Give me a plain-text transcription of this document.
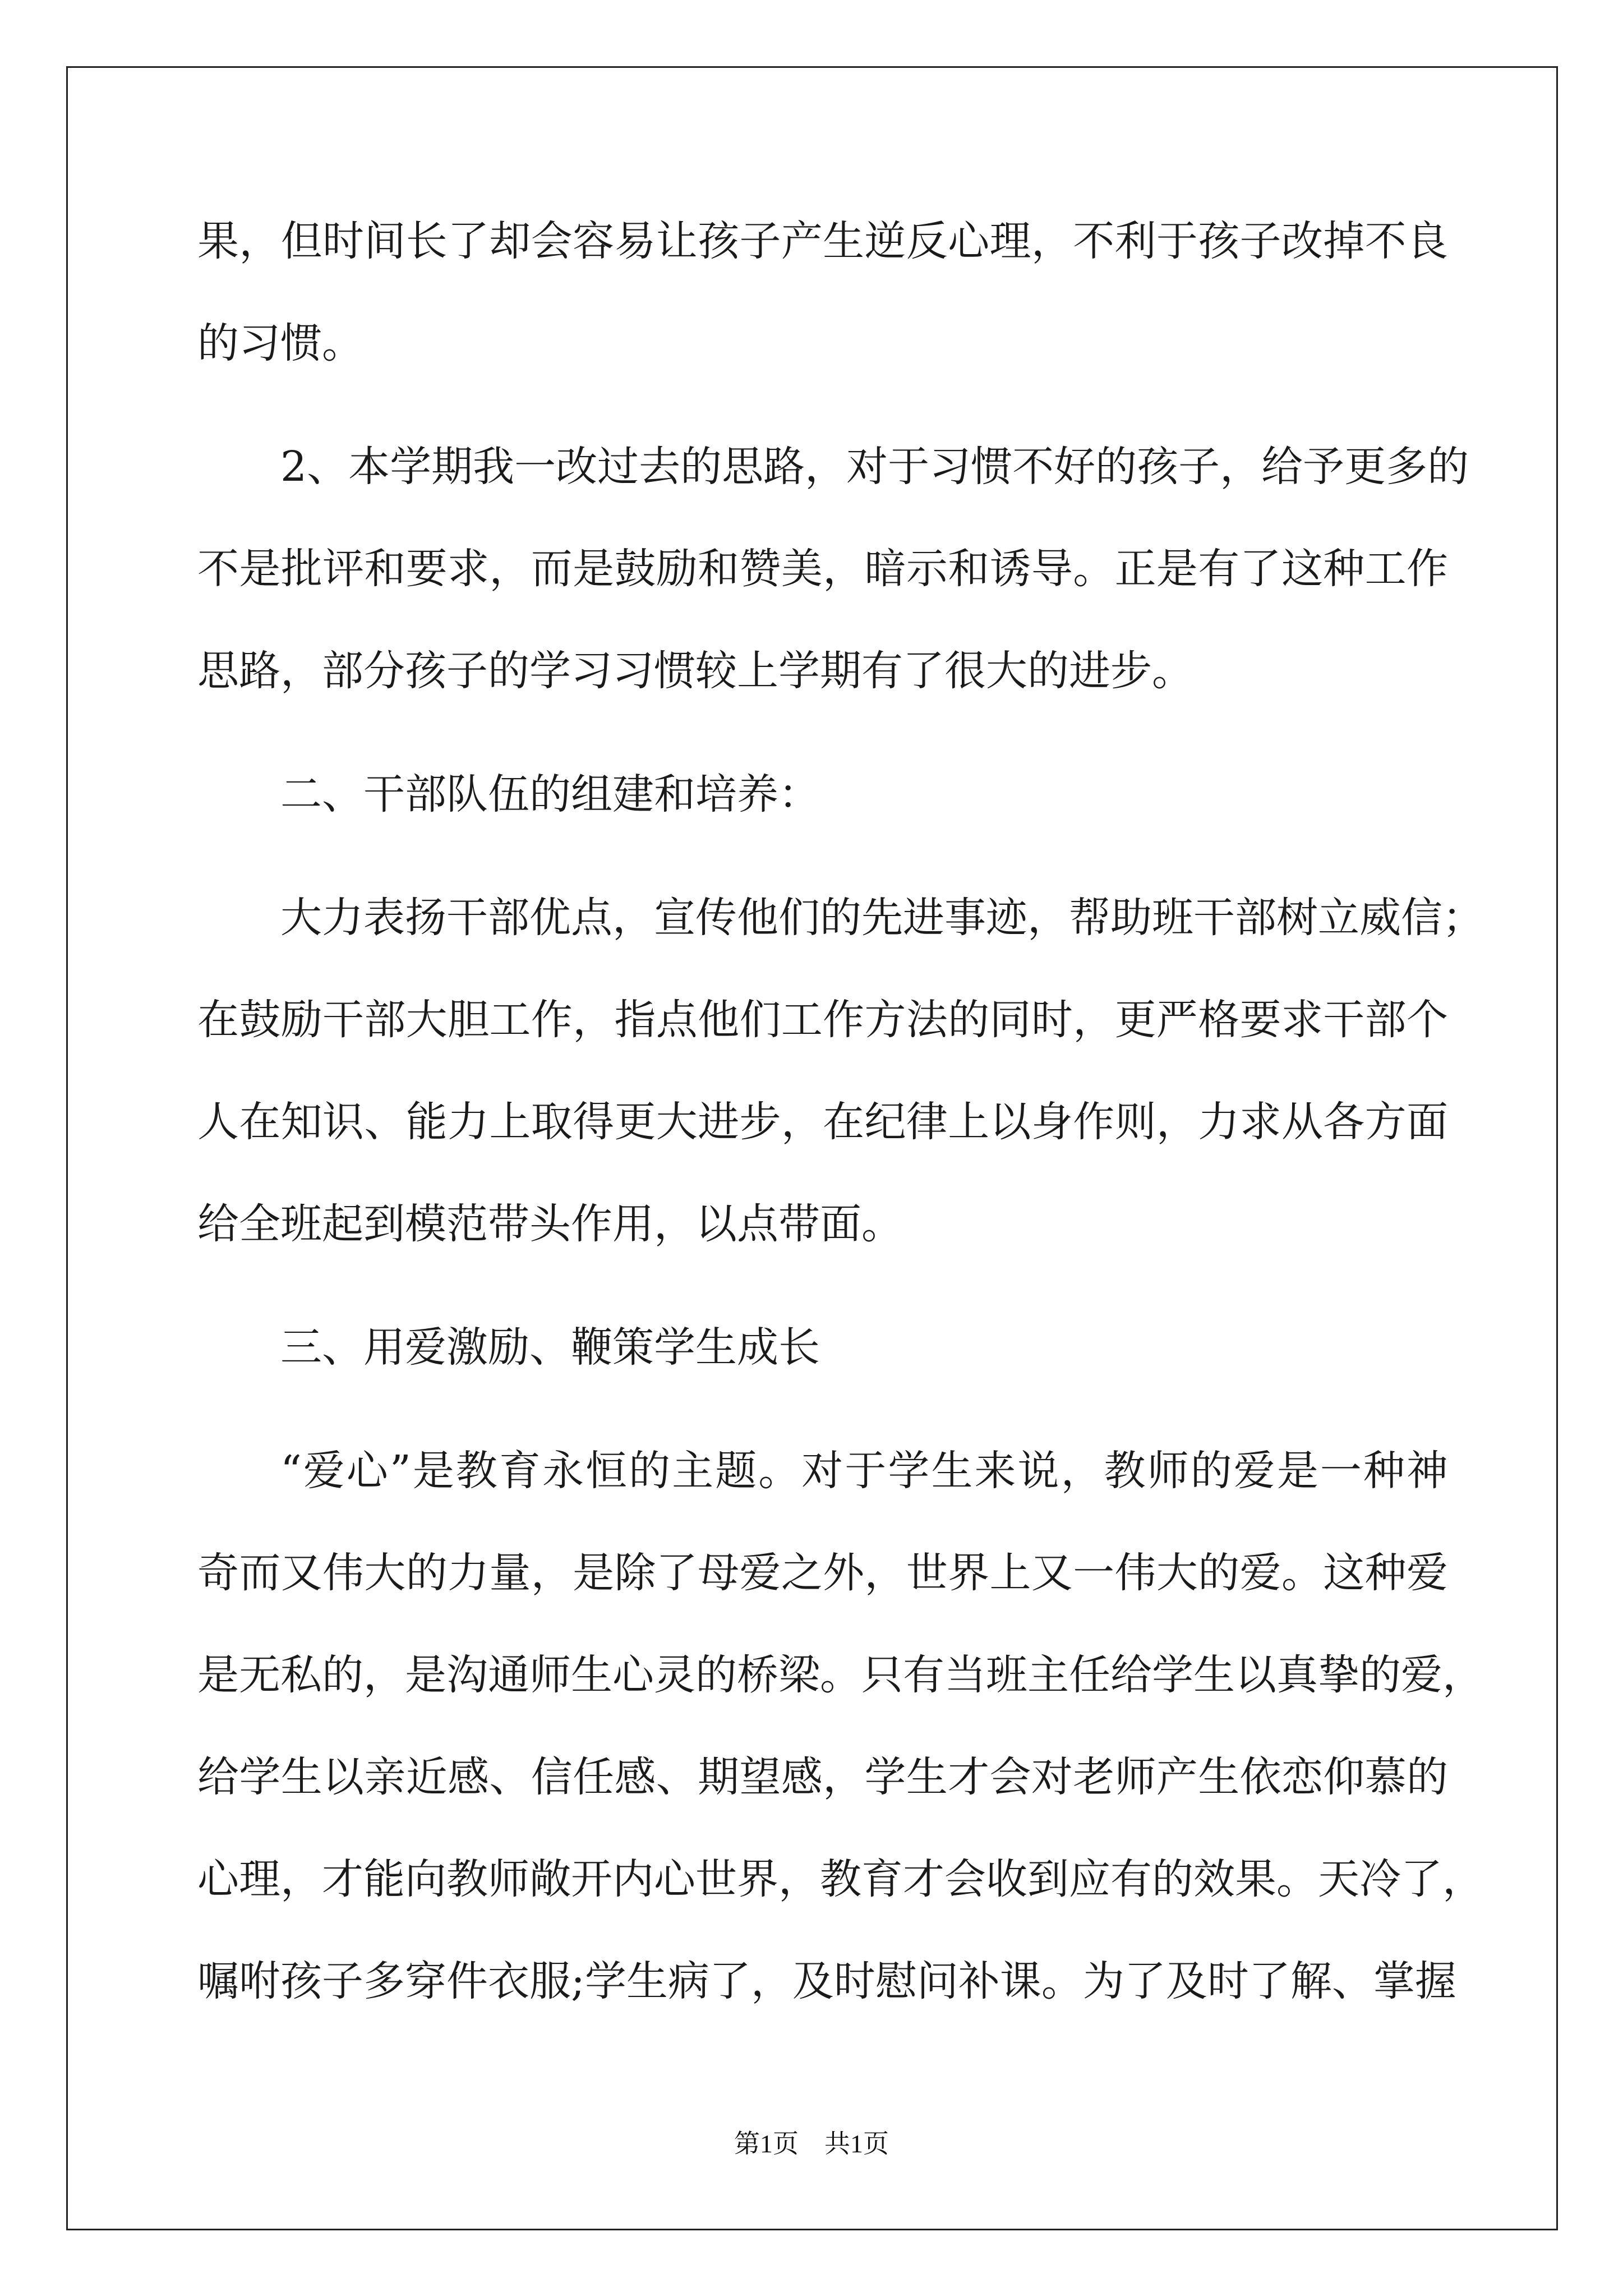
果，但时间长了却会容易让孩子产生逆反心理，不利于孩子改掉不良
的习惯。
2、本学期我一改过去的思路，对于习惯不好的孩子，给予更多的
不是批评和要求，而是鼓励和赞美，暗示和诱导。正是有了这种工作
思路，部分孩子的学习习惯较上学期有了很大的进步。
二、干部队伍的组建和培养：
大力表扬干部优点，宣传他们的先进事迹，帮助班干部树立威信；
在鼓励干部大胆工作，指点他们工作方法的同时，更严格要求干部个
人在知识、能力上取得更大进步，在纪律上以身作则，力求从各方面
给全班起到模范带头作用，以点带面。
三、用爱激励、鞭策学生成长
“爱心”是教育永恒的主题。对于学生来说，教师的爱是一种神
奇而又伟大的力量，是除了母爱之外，世界上又一伟大的爱。这种爱
是无私的，是沟通师生心灵的桥梁。只有当班主任给学生以真挚的爱，
给学生以亲近感、信任感、期望感，学生才会对老师产生依恋仰慕的
心理，才能向教师敞开内心世界，教育才会收到应有的效果。天冷了，
嘱咐孩子多穿件衣服;学生病了，及时慰问补课。为了及时了解、掌握
第1页　共1页
